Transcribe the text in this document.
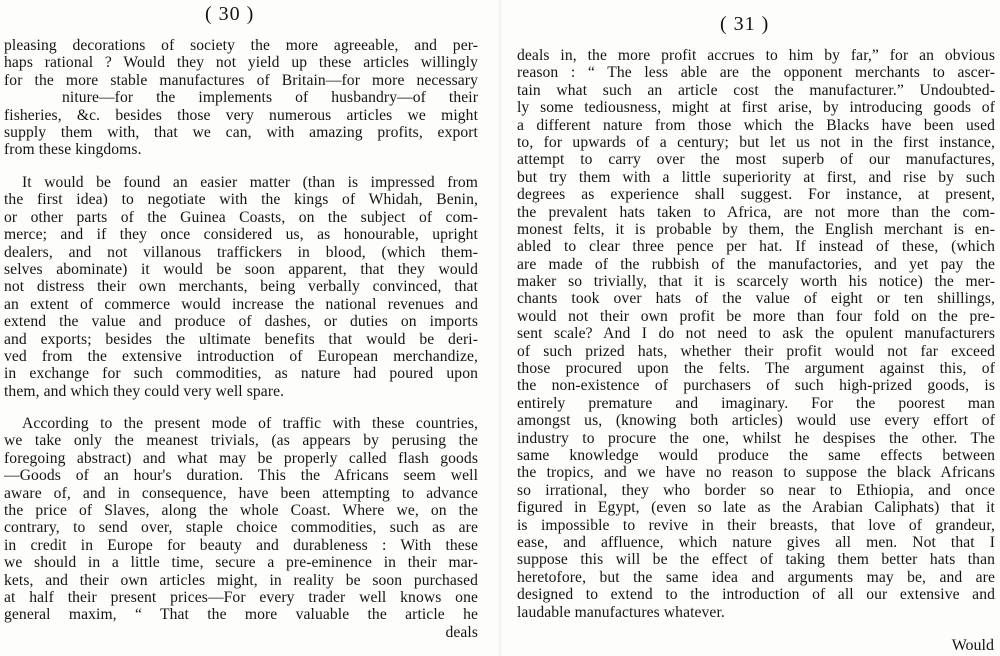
( 30 )

pleasing decorations of society the more agreeable, and per-
haps rational ? Would they not yield up these articles willingly
for the more stable manufactures of Britain—for more necessary
niture—for the implements of husbandry—of their
fisheries, &c. besides those very numerous articles we might
supply them with, that we can, with amazing profits, export
from these kingdoms.

It would be found an easier matter (than is impressed from
the first idea) to negotiate with the kings of Whidah, Benin,
or other parts of the Guinea Coasts, on the subject of com-
merce; and if they once considered us, as honourable, upright
dealers, and not villanous traffickers in blood, (which them-
selves abominate) it would be soon apparent, that they would
not distress their own merchants, being verbally convinced, that
an extent of commerce would increase the national revenues and
extend the value and produce of dashes, or duties on imports
and exports; besides the ultimate benefits that would be deri-
ved from the extensive introduction of European merchandize,
in exchange for such commodities, as nature had poured upon
them, and which they could very well spare.

According to the present mode of traffic with these countries,
we take only the meanest trivials, (as appears by perusing the
foregoing abstract) and what may be properly called flash goods
—Goods of an hour's duration. This the Africans seem well
aware of, and in consequence, have been attempting to advance
the price of Slaves, along the whole Coast. Where we, on the
contrary, to send over, staple choice commodities, such as are
in credit in Europe for beauty and durableness : With these
we should in a little time, secure a pre-eminence in their mar-
kets, and their own articles might, in reality be soon purchased
at half their present prices—For every trader well knows one
general maxim, “ That the more valuable the article he
deals

( 31 )

deals in, the more profit accrues to him by far,” for an obvious
reason : “ The less able are the opponent merchants to ascer-
tain what such an article cost the manufacturer.” Undoubted-
ly some tediousness, might at first arise, by introducing goods of
a different nature from those which the Blacks have been used
to, for upwards of a century; but let us not in the first instance,
attempt to carry over the most superb of our manufactures,
but try them with a little superiority at first, and rise by such
degrees as experience shall suggest. For instance, at present,
the prevalent hats taken to Africa, are not more than the com-
monest felts, it is probable by them, the English merchant is en-
abled to clear three pence per hat. If instead of these, (which
are made of the rubbish of the manufactories, and yet pay the
maker so trivially, that it is scarcely worth his notice) the mer-
chants took over hats of the value of eight or ten shillings,
would not their own profit be more than four fold on the pre-
sent scale? And I do not need to ask the opulent manufacturers
of such prized hats, whether their profit would not far exceed
those procured upon the felts. The argument against this, of
the non-existence of purchasers of such high-prized goods, is
entirely premature and imaginary. For the poorest man
amongst us, (knowing both articles) would use every effort of
industry to procure the one, whilst he despises the other. The
same knowledge would produce the same effects between
the tropics, and we have no reason to suppose the black Africans
so irrational, they who border so near to Ethiopia, and once
figured in Egypt, (even so late as the Arabian Caliphats) that it
is impossible to revive in their breasts, that love of grandeur,
ease, and affluence, which nature gives all men. Not that I
suppose this will be the effect of taking them better hats than
heretofore, but the same idea and arguments may be, and are
designed to extend to the introduction of all our extensive and
laudable manufactures whatever.

Would
